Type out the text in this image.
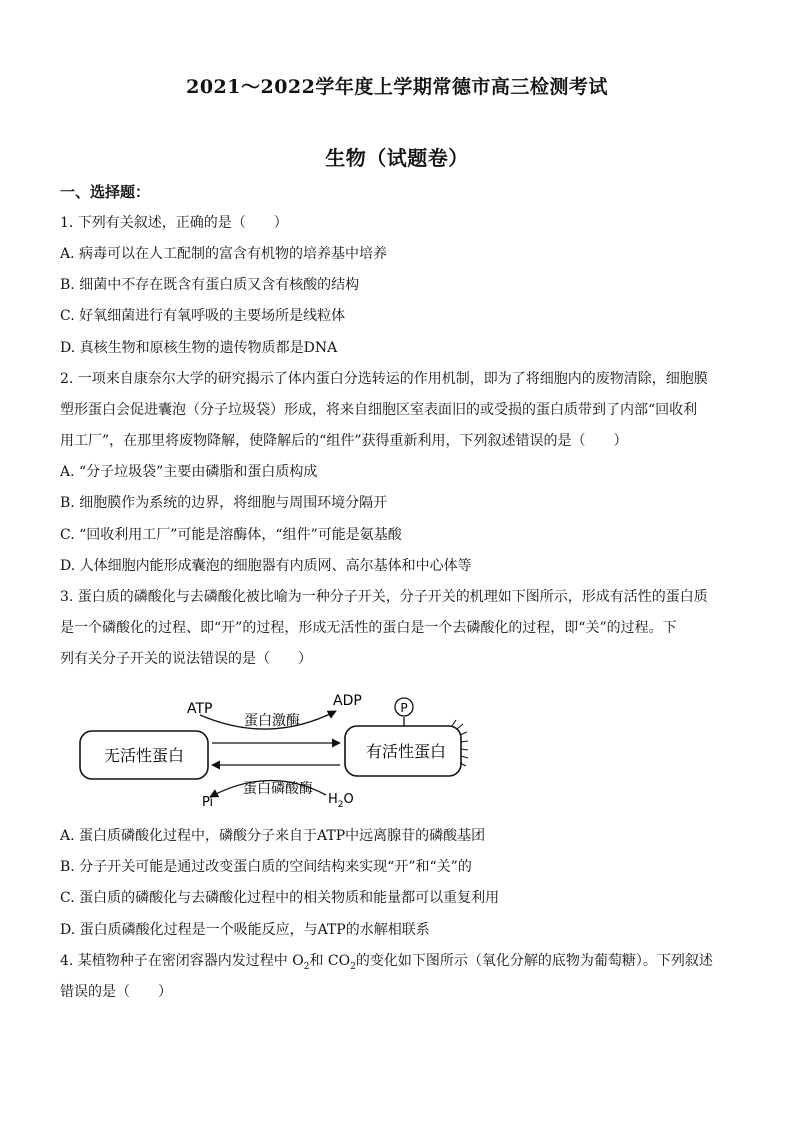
2021～2022学年度上学期常德市高三检测考试
生物（试题卷）
一、选择题：
1. 下列有关叙述，正确的是（　　）
A. 病毒可以在人工配制的富含有机物的培养基中培养
B. 细菌中不存在既含有蛋白质又含有核酸的结构
C. 好氧细菌进行有氧呼吸的主要场所是线粒体
D. 真核生物和原核生物的遗传物质都是DNA
2. 一项来自康奈尔大学的研究揭示了体内蛋白分选转运的作用机制，即为了将细胞内的废物清除，细胞膜
塑形蛋白会促进囊泡（分子垃圾袋）形成，将来自细胞区室表面旧的或受损的蛋白质带到了内部“回收利
用工厂”，在那里将废物降解，使降解后的“组件”获得重新利用，下列叙述错误的是（　　）
A. “分子垃圾袋”主要由磷脂和蛋白质构成
B. 细胞膜作为系统的边界，将细胞与周围环境分隔开
C. “回收利用工厂”可能是溶酶体，“组件”可能是氨基酸
D. 人体细胞内能形成囊泡的细胞器有内质网、高尔基体和中心体等
3. 蛋白质的磷酸化与去磷酸化被比喻为一种分子开关，分子开关的机理如下图所示，形成有活性的蛋白质
是一个磷酸化的过程、即“开”的过程，形成无活性的蛋白是一个去磷酸化的过程，即“关”的过程。下
列有关分子开关的说法错误的是（　　）
无活性蛋白	有活性蛋白
P
ATP	ADP
蛋白激酶
蛋白磷酸酶
Pi	$H_2O$
A. 蛋白质磷酸化过程中，磷酸分子来自于ATP中远离腺苷的磷酸基团
B. 分子开关可能是通过改变蛋白质的空间结构来实现“开”和“关”的
C. 蛋白质的磷酸化与去磷酸化过程中的相关物质和能量都可以重复利用
D. 蛋白质磷酸化过程是一个吸能反应，与ATP的水解相联系
4. 某植物种子在密闭容器内发过程中 $O_2$和 $CO_2$的变化如下图所示（氧化分解的底物为葡萄糖）。下列叙述
错误的是（　　）
